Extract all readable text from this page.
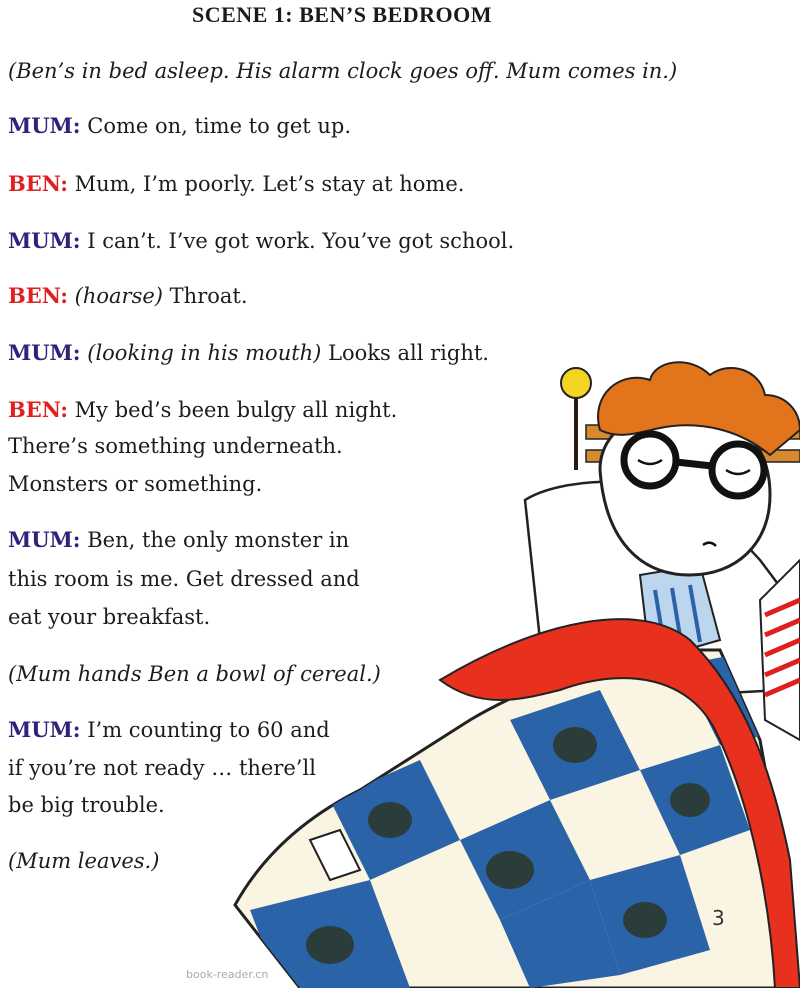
SCENE 1: BEN’S BEDROOM
(Ben’s in bed asleep. His alarm clock goes off. Mum comes in.)
MUM: Come on, time to get up.
BEN: Mum, I’m poorly. Let’s stay at home.
MUM: I can’t. I’ve got work. You’ve got school.
BEN: (hoarse) Throat.
MUM: (looking in his mouth) Looks all right.
BEN: My bed’s been bulgy all night.
There’s something underneath.
Monsters or something.
MUM: Ben, the only monster in
this room is me. Get dressed and
eat your breakfast.
(Mum hands Ben a bowl of cereal.)
MUM: I’m counting to 60 and
if you’re not ready … there’ll
be big trouble.
(Mum leaves.)
3
book-reader.cn
